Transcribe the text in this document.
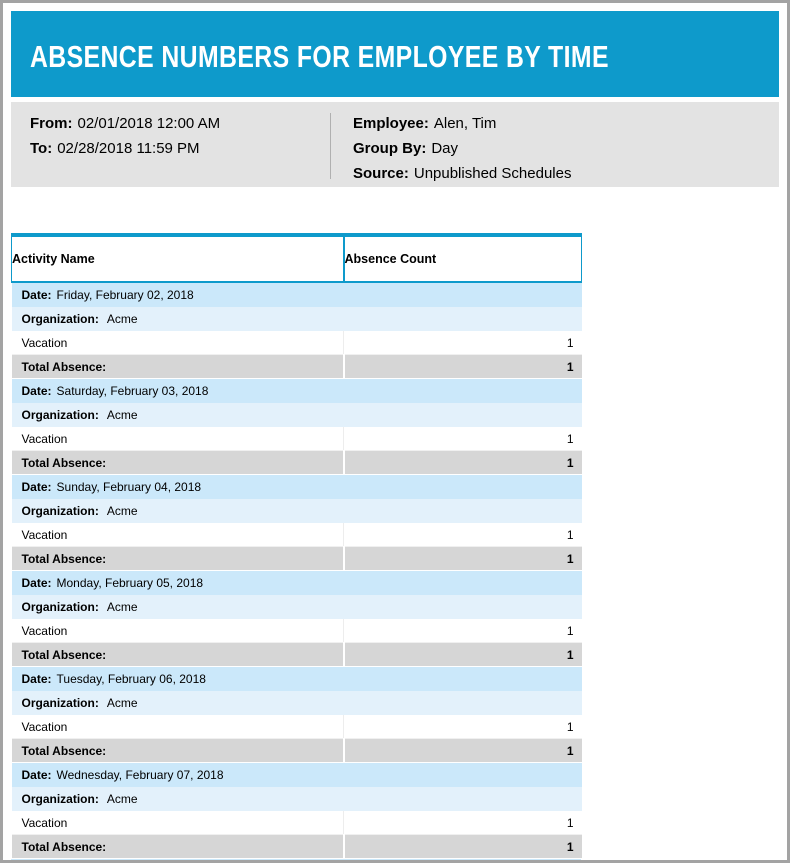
ABSENCE NUMBERS FOR EMPLOYEE BY TIME
From: 02/01/2018 12:00 AM
To: 02/28/2018 11:59 PM
Employee: Alen, Tim
Group By: Day
Source: Unpublished Schedules
Activity Name	Absence Count
Date: Friday, February 02, 2018	
Organization: Acme	
Vacation	1
Total Absence:	1
Date: Saturday, February 03, 2018	
Organization: Acme	
Vacation	1
Total Absence:	1
Date: Sunday, February 04, 2018	
Organization: Acme	
Vacation	1
Total Absence:	1
Date: Monday, February 05, 2018	
Organization: Acme	
Vacation	1
Total Absence:	1
Date: Tuesday, February 06, 2018	
Organization: Acme	
Vacation	1
Total Absence:	1
Date: Wednesday, February 07, 2018	
Organization: Acme	
Vacation	1
Total Absence:	1
